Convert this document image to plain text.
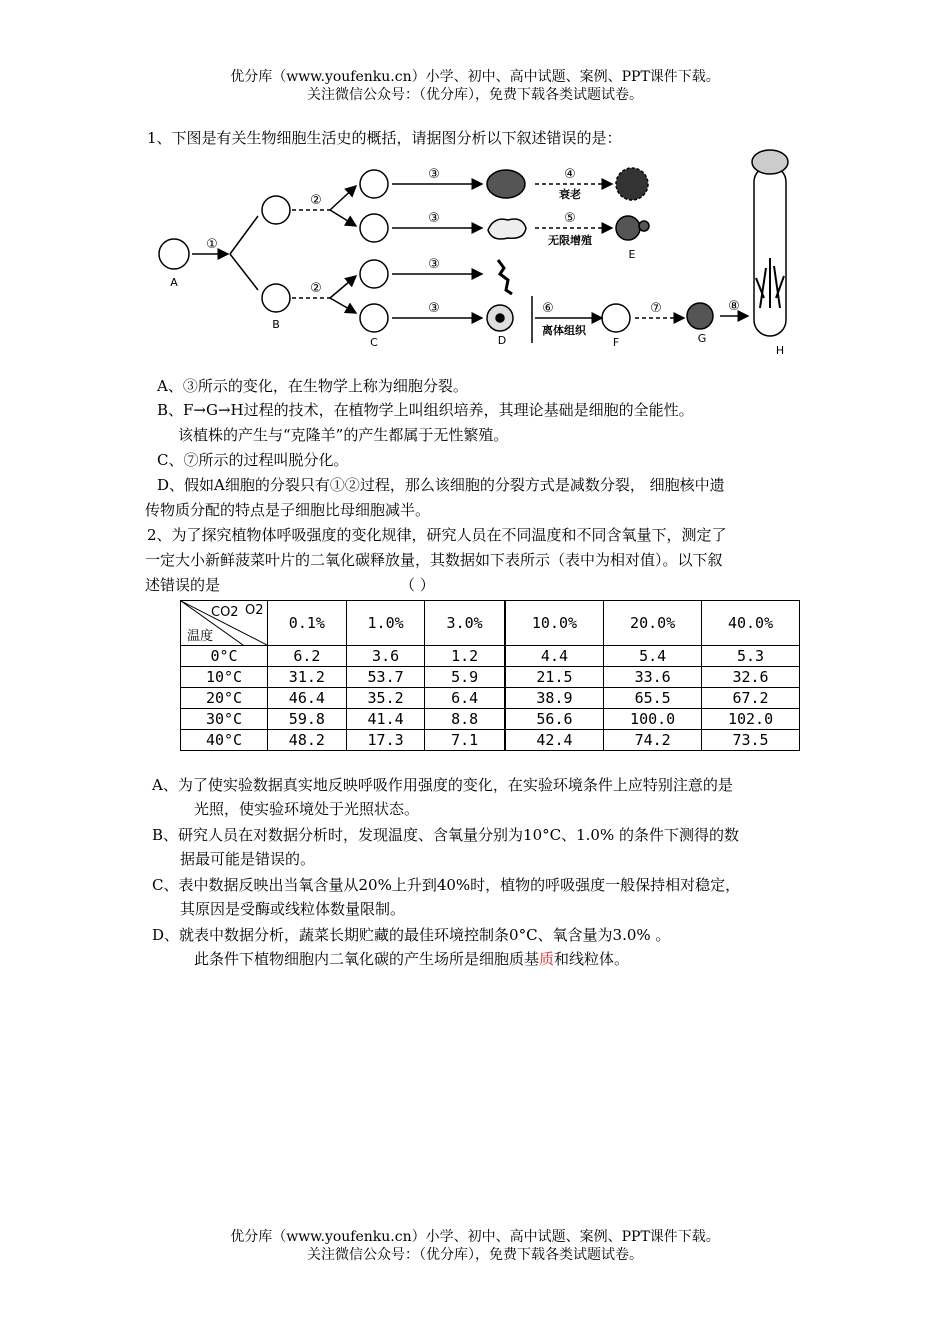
优分库（www.youfenku.cn）小学、初中、高中试题、案例、PPT课件下载。
关注微信公众号：（优分库），免费下载各类试题试卷。
1、下图是有关生物细胞生活史的概括，请据图分析以下叙述错误的是：
A
B
C	D
E
F	G
H
①
②
②
③
③
③
③
④
⑤
⑥	⑦	⑧
衰老
无限增殖
离体组织
A、③所示的变化，在生物学上称为细胞分裂。
B、F→G→H过程的技术，在植物学上叫组织培养，其理论基础是细胞的全能性。
该植株的产生与“克隆羊”的产生都属于无性繁殖。
C、⑦所示的过程叫脱分化。
D、假如A细胞的分裂只有①②过程，那么该细胞的分裂方式是减数分裂， 细胞核中遗
传物质分配的特点是子细胞比母细胞减半。
2、为了探究植物体呼吸强度的变化规律，研究人员在不同温度和不同含氧量下，测定了
一定大小新鲜菠菜叶片的二氧化碳释放量，其数据如下表所示（表中为相对值）。以下叙
述错误的是	（ ）
CO2 O2
温度	0.1%	1.0%	3.0%	10.0%	20.0%	40.0%
0°C	6.2	3.6	1.2	4.4	5.4	5.3
10°C	31.2	53.7	5.9	21.5	33.6	32.6
20°C	46.4	35.2	6.4	38.9	65.5	67.2
30°C	59.8	41.4	8.8	56.6	100.0	102.0
40°C	48.2	17.3	7.1	42.4	74.2	73.5
A、为了使实验数据真实地反映呼吸作用强度的变化，在实验环境条件上应特别注意的是
光照，使实验环境处于光照状态。
B、研究人员在对数据分析时，发现温度、含氧量分别为10°C、1.0% 的条件下测得的数
据最可能是错误的。
C、表中数据反映出当氧含量从20%上升到40%时，植物的呼吸强度一般保持相对稳定，
其原因是受酶或线粒体数量限制。
D、就表中数据分析，蔬菜长期贮藏的最佳环境控制条0°C、氧含量为3.0% 。
此条件下植物细胞内二氧化碳的产生场所是细胞质基质和线粒体。
优分库（www.youfenku.cn）小学、初中、高中试题、案例、PPT课件下载。
关注微信公众号：（优分库），免费下载各类试题试卷。
